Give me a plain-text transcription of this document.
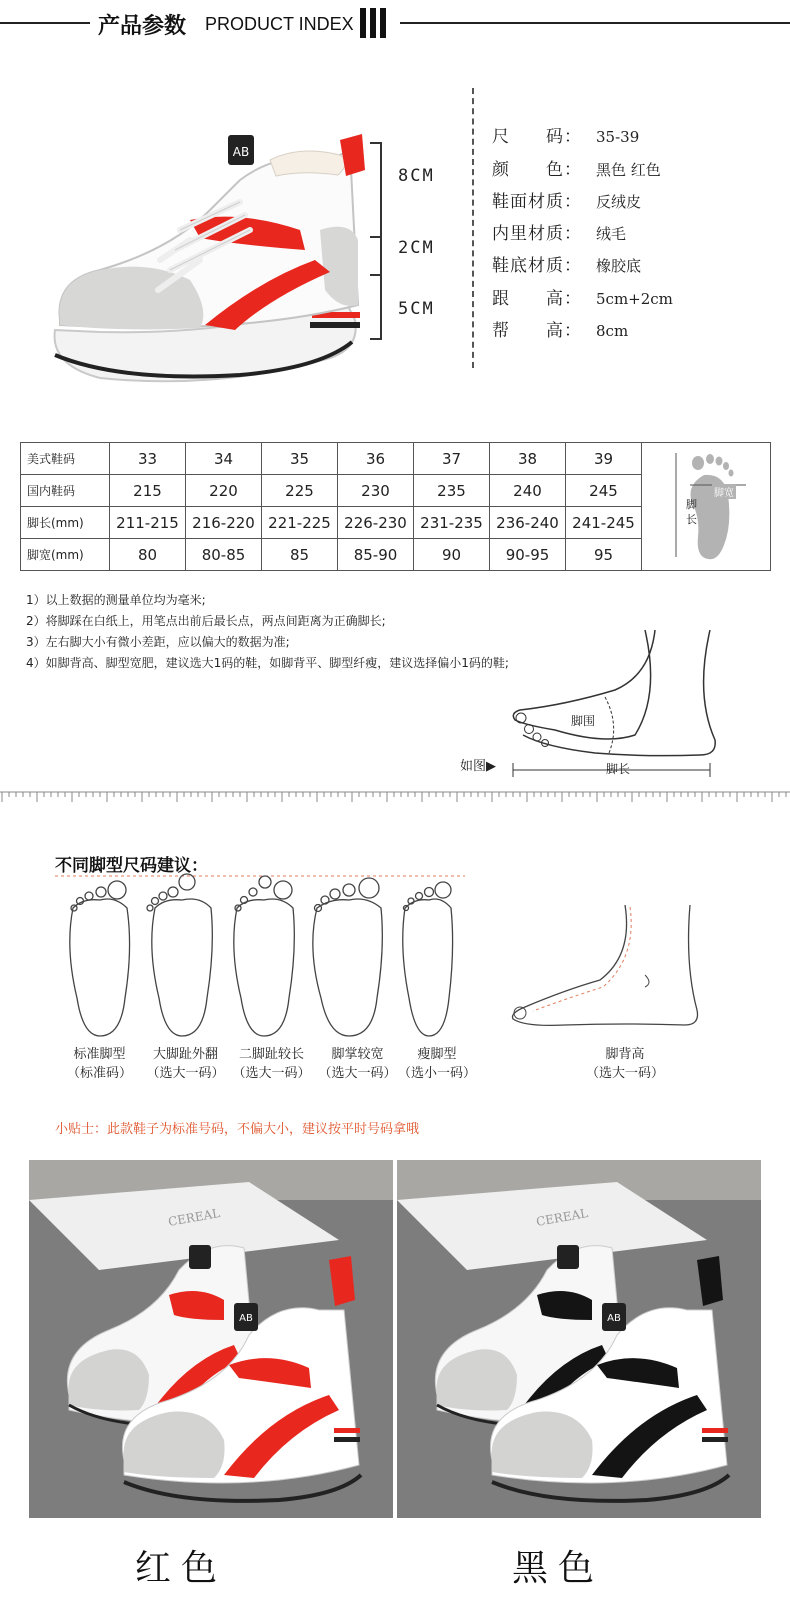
产品参数 PRODUCT INDEX
AB
8CM
2CM
5CM
尺　　码： 35-39
颜　　色： 黑色 红色
鞋面材质： 反绒皮
内里材质： 绒毛
鞋底材质： 橡胶底
跟　　高： 5cm+2cm
帮　　高： 8cm
美式鞋码	33	34	35	36	37	38	39	
国内鞋码	215	220	225	230	235	240	245	
脚长(mm)	211-215	216-220	221-225	226-230	231-235	236-240	241-245	
脚宽(mm)	80	80-85	85	85-90	90	90-95	95	
脚长
脚宽
1）以上数据的测量单位均为毫米;
2）将脚踩在白纸上，用笔点出前后最长点，两点间距离为正确脚长;
3）左右脚大小有微小差距，应以偏大的数据为准;
4）如脚背高、脚型宽肥，建议选大1码的鞋，如脚背平、脚型纤瘦，建议选择偏小1码的鞋;
脚围
如图▶	脚长
不同脚型尺码建议：
标准脚型
（标准码）
大脚趾外翻
（选大一码）
二脚趾较长
（选大一码）
脚掌较宽
（选大一码）
瘦脚型
（选小一码）
脚背高
（选大一码）
小贴士：此款鞋子为标准号码，不偏大小，建议按平时号码拿哦
CEREAL
AB
CEREAL
AB
红色	黑色
